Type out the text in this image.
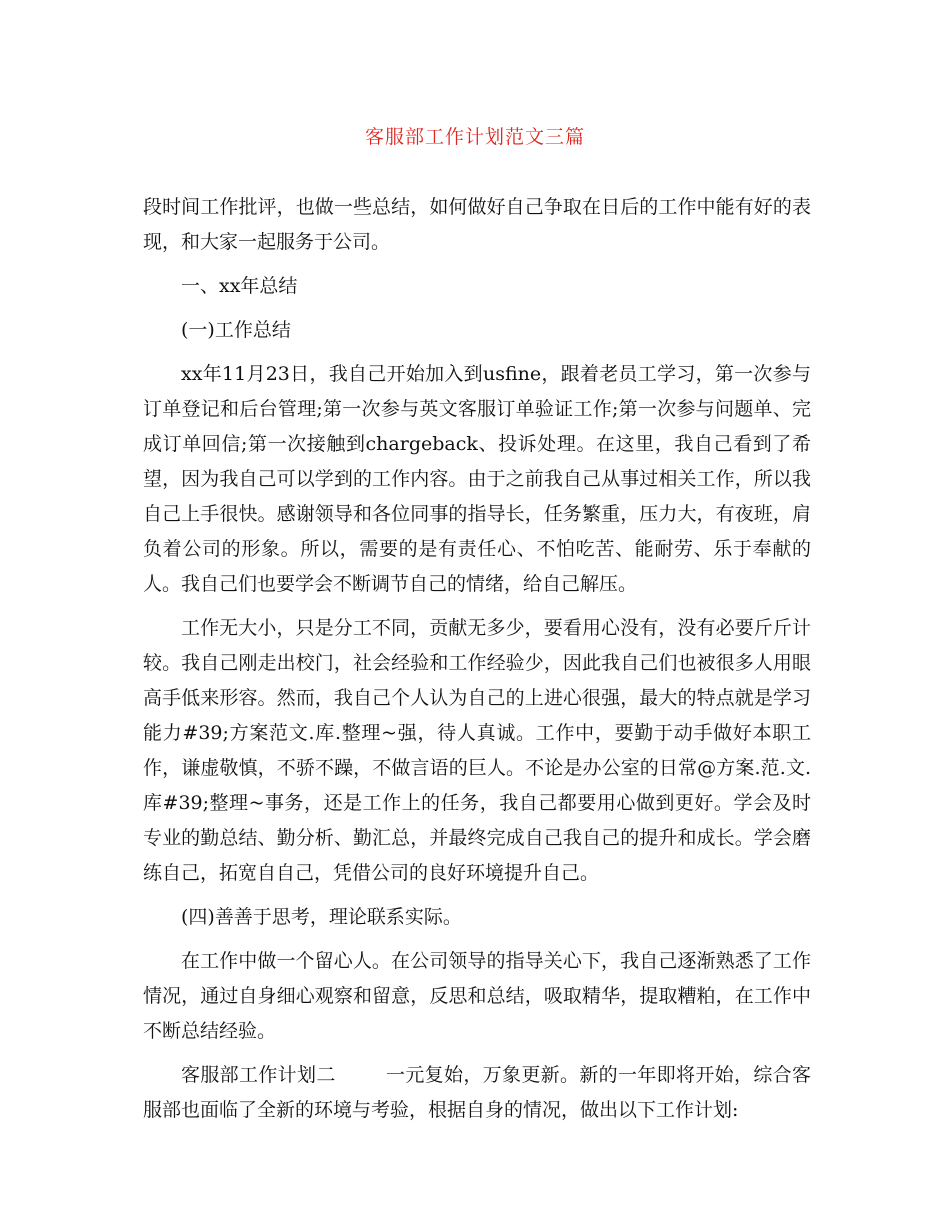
客服部工作计划范文三篇

段时间工作批评，也做一些总结，如何做好自己争取在日后的工作中能有好的表现，和大家一起服务于公司。

一、xx年总结

(一)工作总结

xx年11月23日，我自己开始加入到usfine，跟着老员工学习，第一次参与订单登记和后台管理;第一次参与英文客服订单验证工作;第一次参与问题单、完成订单回信;第一次接触到chargeback、投诉处理。在这里，我自己看到了希望，因为我自己可以学到的工作内容。由于之前我自己从事过相关工作，所以我自己上手很快。感谢领导和各位同事的指导长，任务繁重，压力大，有夜班，肩负着公司的形象。所以，需要的是有责任心、不怕吃苦、能耐劳、乐于奉献的人。我自己们也要学会不断调节自己的情绪，给自己解压。

工作无大小，只是分工不同，贡献无多少，要看用心没有，没有必要斤斤计较。我自己刚走出校门，社会经验和工作经验少，因此我自己们也被很多人用眼高手低来形容。然而，我自己个人认为自己的上进心很强，最大的特点就是学习能力#39;方案范文.库.整理~强，待人真诚。工作中，要勤于动手做好本职工作，谦虚敬慎，不骄不躁，不做言语的巨人。不论是办公室的日常@方案.范.文.库#39;整理~事务，还是工作上的任务，我自己都要用心做到更好。学会及时专业的勤总结、勤分析、勤汇总，并最终完成自己我自己的提升和成长。学会磨练自己，拓宽自自己，凭借公司的良好环境提升自己。

(四)善善于思考，理论联系实际。

在工作中做一个留心人。在公司领导的指导关心下，我自己逐渐熟悉了工作情况，通过自身细心观察和留意，反思和总结，吸取精华，提取糟粕，在工作中不断总结经验。

客服部工作计划二	一元复始，万象更新。新的一年即将开始，综合客服部也面临了全新的环境与考验，根据自身的情况，做出以下工作计划:
